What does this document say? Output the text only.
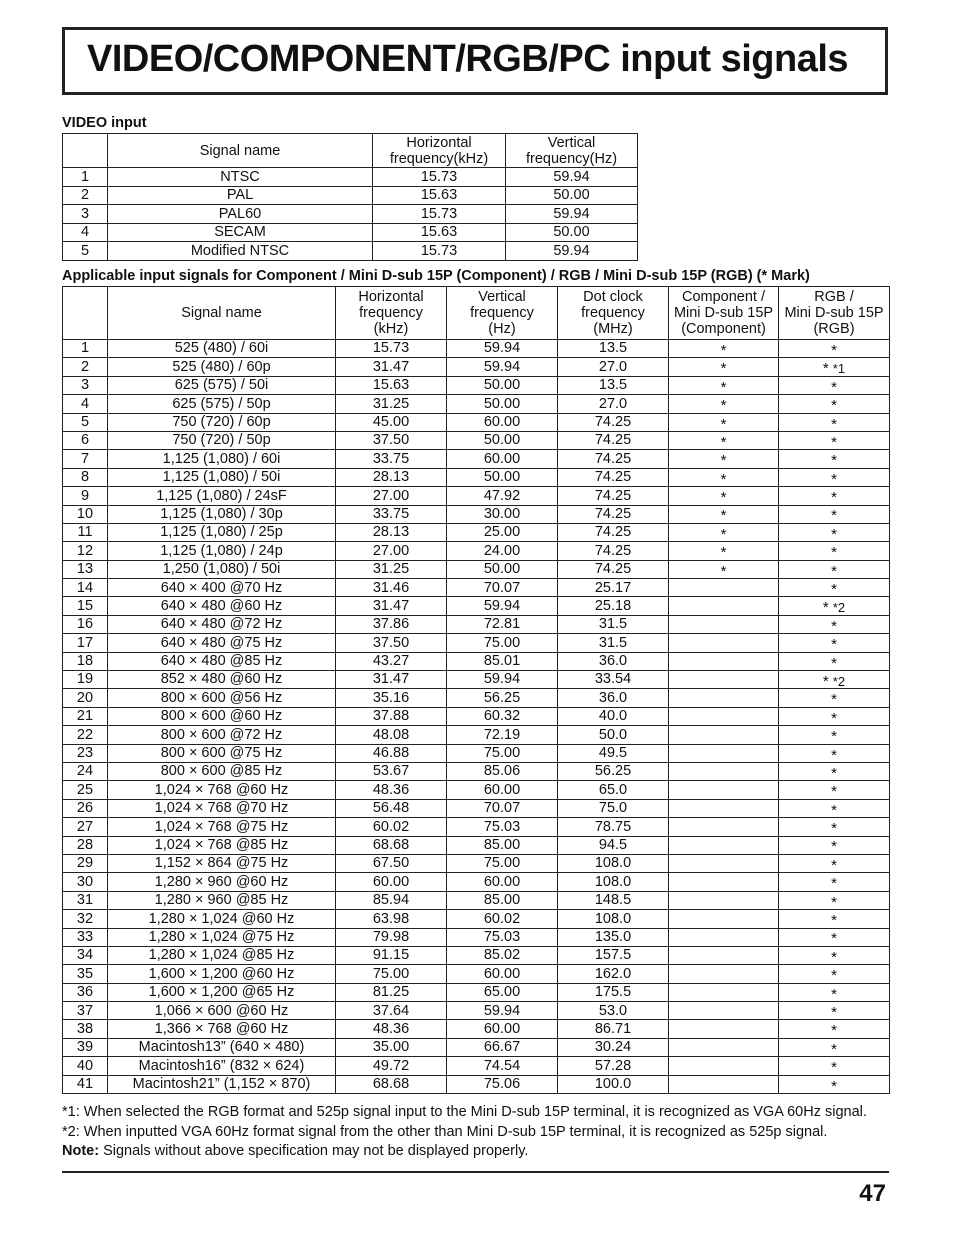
VIDEO/COMPONENT/RGB/PC input signals
VIDEO input
	Signal name	Horizontal
frequency(kHz)	Vertical
frequency(Hz)
1	NTSC	15.73	59.94
2	PAL	15.63	50.00
3	PAL60	15.73	59.94
4	SECAM	15.63	50.00
5	Modified NTSC	15.73	59.94
Applicable input signals for Component / Mini D-sub 15P (Component) / RGB / Mini D-sub 15P (RGB) (* Mark)
	Signal name	Horizontal
frequency
(kHz)	Vertical
frequency
(Hz)	Dot clock
frequency
(MHz)	Component /
Mini D-sub 15P
(Component)	RGB /
Mini D-sub 15P
(RGB)
1	525 (480) / 60i	15.73	59.94	13.5	*	*
2	525 (480) / 60p	31.47	59.94	27.0	*	* *1
3	625 (575) / 50i	15.63	50.00	13.5	*	*
4	625 (575) / 50p	31.25	50.00	27.0	*	*
5	750 (720) / 60p	45.00	60.00	74.25	*	*
6	750 (720) / 50p	37.50	50.00	74.25	*	*
7	1,125 (1,080) / 60i	33.75	60.00	74.25	*	*
8	1,125 (1,080) / 50i	28.13	50.00	74.25	*	*
9	1,125 (1,080) / 24sF	27.00	47.92	74.25	*	*
10	1,125 (1,080) / 30p	33.75	30.00	74.25	*	*
11	1,125 (1,080) / 25p	28.13	25.00	74.25	*	*
12	1,125 (1,080) / 24p	27.00	24.00	74.25	*	*
13	1,250 (1,080) / 50i	31.25	50.00	74.25	*	*
14	640 × 400 @70 Hz	31.46	70.07	25.17		*
15	640 × 480 @60 Hz	31.47	59.94	25.18		* *2
16	640 × 480 @72 Hz	37.86	72.81	31.5		*
17	640 × 480 @75 Hz	37.50	75.00	31.5		*
18	640 × 480 @85 Hz	43.27	85.01	36.0		*
19	852 × 480 @60 Hz	31.47	59.94	33.54		* *2
20	800 × 600 @56 Hz	35.16	56.25	36.0		*
21	800 × 600 @60 Hz	37.88	60.32	40.0		*
22	800 × 600 @72 Hz	48.08	72.19	50.0		*
23	800 × 600 @75 Hz	46.88	75.00	49.5		*
24	800 × 600 @85 Hz	53.67	85.06	56.25		*
25	1,024 × 768 @60 Hz	48.36	60.00	65.0		*
26	1,024 × 768 @70 Hz	56.48	70.07	75.0		*
27	1,024 × 768 @75 Hz	60.02	75.03	78.75		*
28	1,024 × 768 @85 Hz	68.68	85.00	94.5		*
29	1,152 × 864 @75 Hz	67.50	75.00	108.0		*
30	1,280 × 960 @60 Hz	60.00	60.00	108.0		*
31	1,280 × 960 @85 Hz	85.94	85.00	148.5		*
32	1,280 × 1,024 @60 Hz	63.98	60.02	108.0		*
33	1,280 × 1,024 @75 Hz	79.98	75.03	135.0		*
34	1,280 × 1,024 @85 Hz	91.15	85.02	157.5		*
35	1,600 × 1,200 @60 Hz	75.00	60.00	162.0		*
36	1,600 × 1,200 @65 Hz	81.25	65.00	175.5		*
37	1,066 × 600 @60 Hz	37.64	59.94	53.0		*
38	1,366 × 768 @60 Hz	48.36	60.00	86.71		*
39	Macintosh13” (640 × 480)	35.00	66.67	30.24		*
40	Macintosh16” (832 × 624)	49.72	74.54	57.28		*
41	Macintosh21” (1,152 × 870)	68.68	75.06	100.0		*
*1: When selected the RGB format and 525p signal input to the Mini D-sub 15P terminal, it is recognized as VGA 60Hz signal.
*2: When inputted VGA 60Hz format signal from the other than Mini D-sub 15P terminal, it is recognized as 525p signal.
Note: Signals without above specification may not be displayed properly.
47
